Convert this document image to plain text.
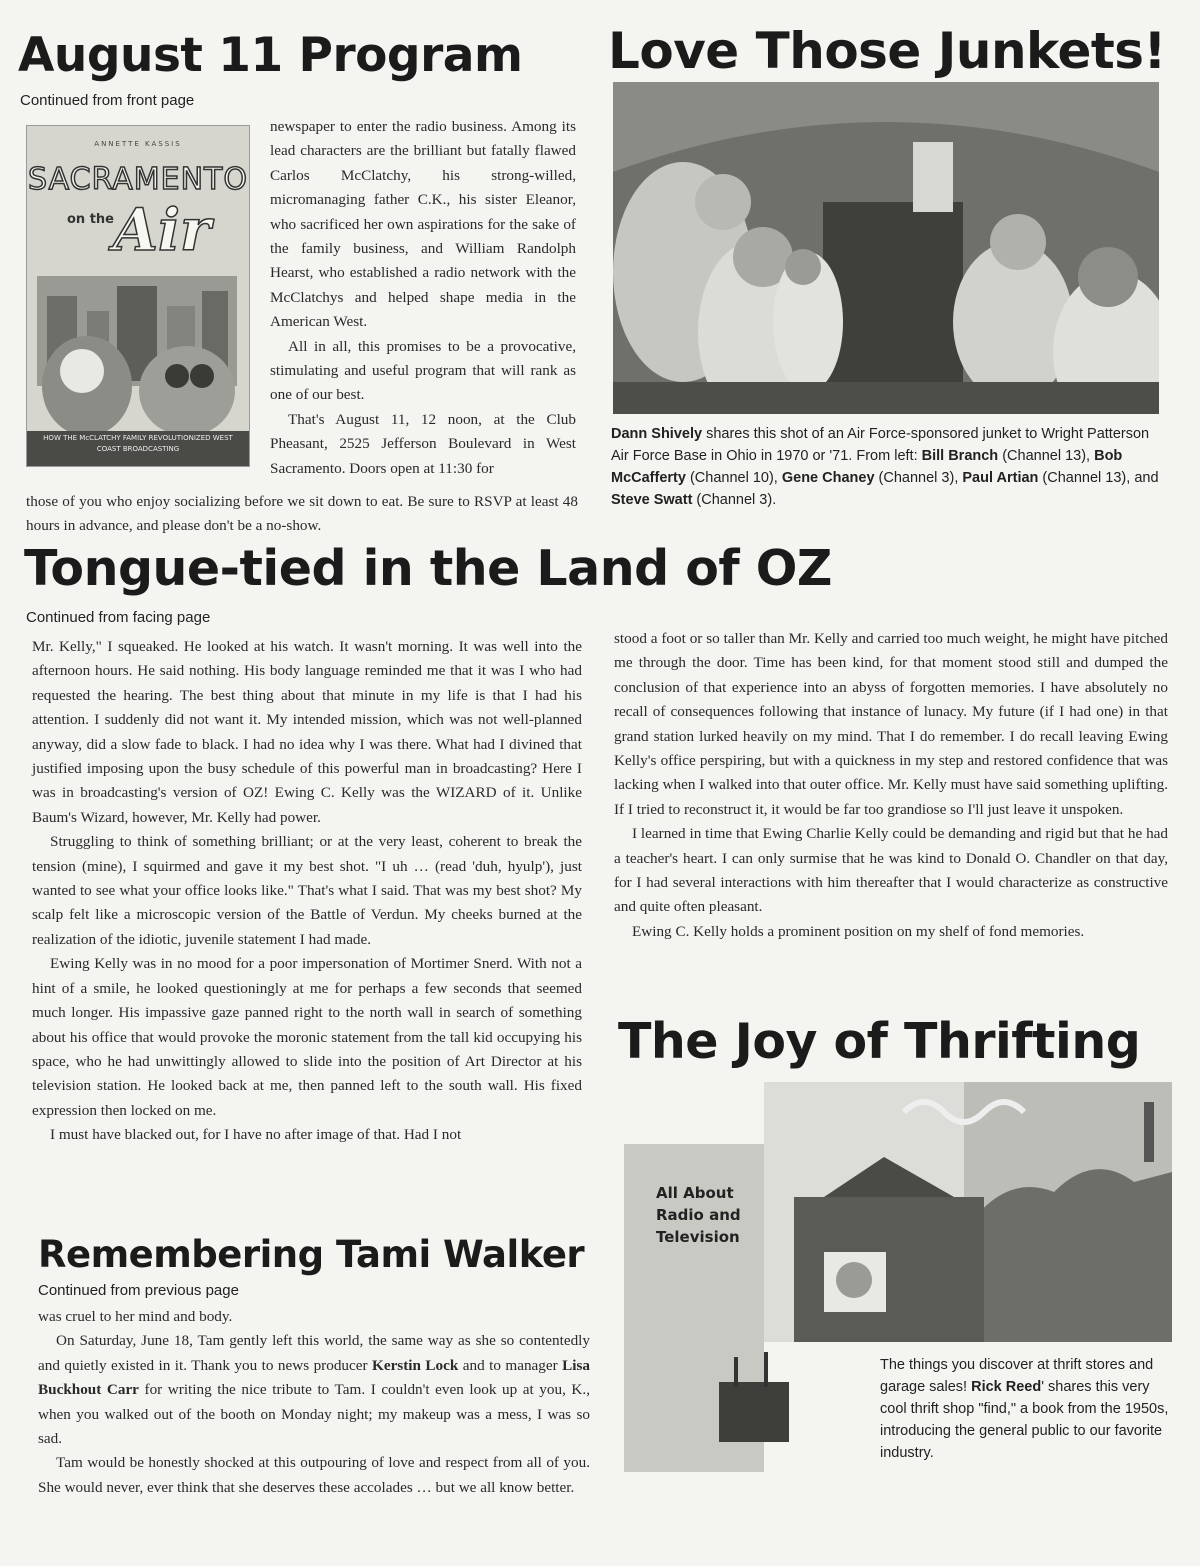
August 11 Program
Continued from front page
ANNETTE KASSIS
SACRAMENTO
on the Air
HOW THE McCLATCHY FAMILY REVOLUTIONIZED WEST COAST BROADCASTING

newspaper to enter the radio business. Among its lead characters are the brilliant but fatally flawed Carlos McClatchy, his strong-willed, micromanaging father C.K., his sister Eleanor, who sacrificed her own aspirations for the sake of the family business, and William Randolph Hearst, who established a radio network with the McClatchys and helped shape media in the American West.

All in all, this promises to be a provocative, stimulating and useful program that will rank as one of our best.

That's August 11, 12 noon, at the Club Pheasant, 2525 Jefferson Boulevard in West Sacramento. Doors open at 11:30 for

those of you who enjoy socializing before we sit down to eat. Be sure to RSVP at least 48 hours in advance, and please don't be a no-show.

Love Those Junkets!
Dann Shively shares this shot of an Air Force-sponsored junket to Wright Patterson Air Force Base in Ohio in 1970 or '71. From left: Bill Branch (Channel 13), Bob McCafferty (Channel 10), Gene Chaney (Channel 3), Paul Artian (Channel 13), and Steve Swatt (Channel 3).
Tongue-tied in the Land of OZ
Continued from facing page

Mr. Kelly," I squeaked. He looked at his watch. It wasn't morning. It was well into the afternoon hours. He said nothing. His body language reminded me that it was I who had requested the hearing. The best thing about that minute in my life is that I had his attention. I suddenly did not want it. My intended mission, which was not well-planned anyway, did a slow fade to black. I had no idea why I was there. What had I divined that justified imposing upon the busy schedule of this powerful man in broadcasting? Here I was in broadcasting's version of OZ! Ewing C. Kelly was the WIZARD of it. Unlike Baum's Wizard, however, Mr. Kelly had power.

Struggling to think of something brilliant; or at the very least, coherent to break the tension (mine), I squirmed and gave it my best shot. "I uh … (read 'duh, hyulp'), just wanted to see what your office looks like." That's what I said. That was my best shot? My scalp felt like a microscopic version of the Battle of Verdun. My cheeks burned at the realization of the idiotic, juvenile statement I had made.

Ewing Kelly was in no mood for a poor impersonation of Mortimer Snerd. With not a hint of a smile, he looked questioningly at me for perhaps a few seconds that seemed much longer. His impassive gaze panned right to the north wall in search of something about his office that would provoke the moronic statement from the tall kid occupying his space, who he had unwittingly allowed to slide into the position of Art Director at his television station. He looked back at me, then panned left to the south wall. His fixed expression then locked on me.

I must have blacked out, for I have no after image of that. Had I not

stood a foot or so taller than Mr. Kelly and carried too much weight, he might have pitched me through the door. Time has been kind, for that moment stood still and dumped the conclusion of that experience into an abyss of forgotten memories. I have absolutely no recall of consequences following that instance of lunacy. My future (if I had one) in that grand station lurked heavily on my mind. That I do remember. I do recall leaving Ewing Kelly's office perspiring, but with a quickness in my step and restored confidence that was lacking when I walked into that outer office. Mr. Kelly must have said something uplifting. If I tried to reconstruct it, it would be far too grandiose so I'll just leave it unspoken.

I learned in time that Ewing Charlie Kelly could be demanding and rigid but that he had a teacher's heart. I can only surmise that he was kind to Donald O. Chandler on that day, for I had several interactions with him thereafter that I would characterize as constructive and quite often pleasant.

Ewing C. Kelly holds a prominent position on my shelf of fond memories.

Remembering Tami Walker
Continued from previous page

was cruel to her mind and body.

On Saturday, June 18, Tam gently left this world, the same way as she so contentedly and quietly existed in it. Thank you to news producer Kerstin Lock and to manager Lisa Buckhout Carr for writing the nice tribute to Tam. I couldn't even look up at you, K., when you walked out of the booth on Monday night; my makeup was a mess, I was so sad.

Tam would be honestly shocked at this outpouring of love and respect from all of you. She would never, ever think that she deserves these accolades … but we all know better.

The Joy of Thrifting
All About Radio and Television
The things you discover at thrift stores and garage sales! Rick Reed' shares this very cool thrift shop "find," a book from the 1950s, introducing the general public to our favorite industry.
